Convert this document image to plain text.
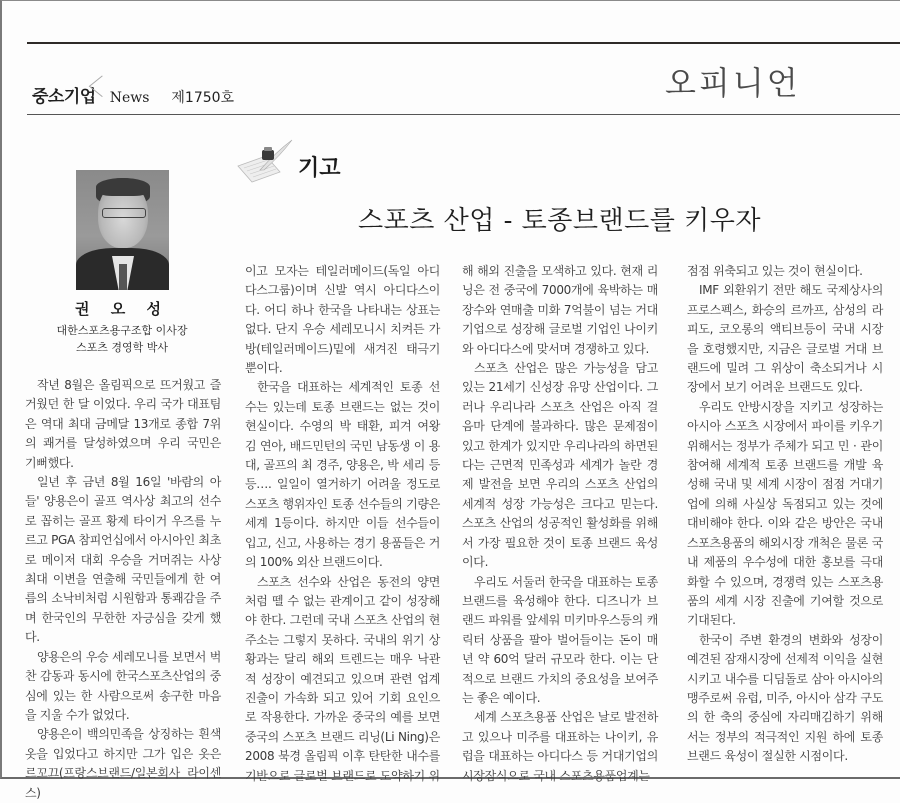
중소기업	News 제1750호	오피니언
기고
스포츠 산업 - 토종브랜드를 키우자
권 오 성
대한스포츠용구조합 이사장
스포츠 경영학 박사

작년 8월은 올림픽으로 뜨거웠고 즐거웠던 한 달 이었다. 우리 국가 대표팀은 역대 최대 금메달 13개로 종합 7위의 쾌거를 달성하였으며 우리 국민은 기뻐했다.

일년 후 금년 8월 16일 '바람의 아들' 양용은이 골프 역사상 최고의 선수로 꼽히는 골프 황제 타이거 우즈를 누르고 PGA 참피언십에서 아시아인 최초로 메이저 대회 우승을 거머쥐는 사상 최대 이변을 연출해 국민들에게 한 여름의 소낙비처럼 시원함과 통쾌감을 주며 한국인의 무한한 자긍심을 갖게 했다.

양용은의 우승 세레모니를 보면서 벅찬 감동과 동시에 한국스포츠산업의 중심에 있는 한 사람으로써 송구한 마음을 지울 수가 없었다.

양용은이 백의민족을 상징하는 흰색 옷을 입었다고 하지만 그가 입은 옷은 르꼬끄(프랑스브랜드/일본회사 라이센스)

이고 모자는 테일러메이드(독일 아디다스그룹)이며 신발 역시 아디다스이다. 어디 하나 한국을 나타내는 상표는 없다. 단지 우승 세레모니시 치켜든 가방(테일러메이드)밑에 새겨진 태극기 뿐이다.

한국을 대표하는 세계적인 토종 선수는 있는데 토종 브랜드는 없는 것이 현실이다. 수영의 박 태환, 피겨 여왕 김 연아, 배드민턴의 국민 남동생 이 용대, 골프의 최 경주, 양용은, 박 세리 등등…. 일일이 열거하기 어려울 정도로 스포츠 행위자인 토종 선수들의 기량은 세계 1등이다. 하지만 이들 선수들이 입고, 신고, 사용하는 경기 용품들은 거의 100% 외산 브랜드이다.

스포츠 선수와 산업은 동전의 양면처럼 뗄 수 없는 관계이고 같이 성장해야 한다. 그런데 국내 스포츠 산업의 현 주소는 그렇지 못하다. 국내의 위기 상황과는 달리 해외 트렌드는 매우 낙관적 성장이 예견되고 있으며 관련 업계 진출이 가속화 되고 있어 기회 요인으로 작용한다. 가까운 중국의 예를 보면 중국의 스포츠 브랜드 리닝(Li Ning)은 2008 북경 올림픽 이후 탄탄한 내수를 기반으로 글로벌 브랜드로 도약하기 위

해 해외 진출을 모색하고 있다. 현재 리닝은 전 중국에 7000개에 육박하는 매장수와 연매출 미화 7억불이 넘는 거대기업으로 성장해 글로벌 기업인 나이키와 아디다스에 맞서며 경쟁하고 있다.

스포츠 산업은 많은 가능성을 담고 있는 21세기 신성장 유망 산업이다. 그러나 우리나라 스포츠 산업은 아직 걸음마 단계에 불과하다. 많은 문제점이 있고 한계가 있지만 우리나라의 하면된다는 근면적 민족성과 세계가 놀란 경제 발전을 보면 우리의 스포츠 산업의 세계적 성장 가능성은 크다고 믿는다. 스포츠 산업의 성공적인 활성화를 위해서 가장 필요한 것이 토종 브랜드 육성이다.

우리도 서둘러 한국을 대표하는 토종 브랜드를 육성해야 한다. 디즈니가 브랜드 파워를 앞세워 미키마우스등의 캐릭터 상품을 팔아 벌어들이는 돈이 매년 약 60억 달러 규모라 한다. 이는 단적으로 브랜드 가치의 중요성을 보여주는 좋은 예이다.

세계 스포츠용품 산업은 날로 발전하고 있으나 미주를 대표하는 나이키, 유럽을 대표하는 아디다스 등 거대기업의 시장잠식으로 국내 스포츠용품업계는

점점 위축되고 있는 것이 현실이다.

IMF 외환위기 전만 해도 국제상사의 프로스펙스, 화승의 르까프, 삼성의 라피도, 코오롱의 액티브등이 국내 시장을 호령했지만, 지금은 글로벌 거대 브랜드에 밀려 그 위상이 축소되거나 시장에서 보기 어려운 브랜드도 있다.

우리도 안방시장을 지키고 성장하는 아시아 스포츠 시장에서 파이를 키우기 위해서는 정부가 주체가 되고 민 · 관이 참여해 세계적 토종 브랜드를 개발 육성해 국내 및 세계 시장이 점점 거대기업에 의해 사실상 독점되고 있는 것에 대비해야 한다. 이와 같은 방안은 국내 스포츠용품의 해외시장 개척은 물론 국내 제품의 우수성에 대한 홍보를 극대화할 수 있으며, 경쟁력 있는 스포츠용품의 세계 시장 진출에 기여할 것으로 기대된다.

한국이 주변 환경의 변화와 성장이 예견된 잠재시장에 선제적 이익을 실현시키고 내수를 디딤돌로 삼아 아시아의 맹주로써 유럽, 미주, 아시아 삼각 구도의 한 축의 중심에 자리매김하기 위해서는 정부의 적극적인 지원 하에 토종 브랜드 육성이 절실한 시점이다.
